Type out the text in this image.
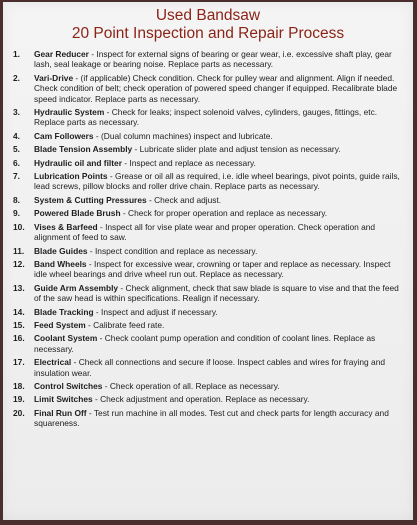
Used Bandsaw
20 Point Inspection and Repair Process
1. Gear Reducer - Inspect for external signs of bearing or gear wear, i.e. excessive shaft play, gear lash, seal leakage or bearing noise. Replace parts as necessary.
2. Vari-Drive - (if applicable) Check condition. Check for pulley wear and alignment. Align if needed. Check condition of belt; check operation of powered speed changer if equipped. Recalibrate blade speed indicator. Replace parts as necessary.
3. Hydraulic System - Check for leaks; inspect solenoid valves, cylinders, gauges, fittings, etc. Replace parts as necessary.
4. Cam Followers - (Dual column machines) inspect and lubricate.
5. Blade Tension Assembly - Lubricate slider plate and adjust tension as necessary.
6. Hydraulic oil and filter - Inspect and replace as necessary.
7. Lubrication Points - Grease or oil all as required, i.e. idle wheel bearings, pivot points, guide rails, lead screws, pillow blocks and roller drive chain. Replace parts as necessary.
8. System & Cutting Pressures - Check and adjust.
9. Powered Blade Brush - Check for proper operation and replace as necessary.
10. Vises & Barfeed - Inspect all for vise plate wear and proper operation. Check operation and alignment of feed to saw.
11. Blade Guides - Inspect condition and replace as necessary.
12. Band Wheels - Inspect for excessive wear, crowning or taper and replace as necessary. Inspect idle wheel bearings and drive wheel run out. Replace as necessary.
13. Guide Arm Assembly - Check alignment, check that saw blade is square to vise and that the feed of the saw head is within specifications. Realign if necessary.
14. Blade Tracking - Inspect and adjust if necessary.
15. Feed System - Calibrate feed rate.
16. Coolant System - Check coolant pump operation and condition of coolant lines. Replace as necessary.
17. Electrical - Check all connections and secure if loose. Inspect cables and wires for fraying and insulation wear.
18. Control Switches - Check operation of all. Replace as necessary.
19. Limit Switches - Check adjustment and operation. Replace as necessary.
20. Final Run Off - Test run machine in all modes. Test cut and check parts for length accuracy and squareness.
